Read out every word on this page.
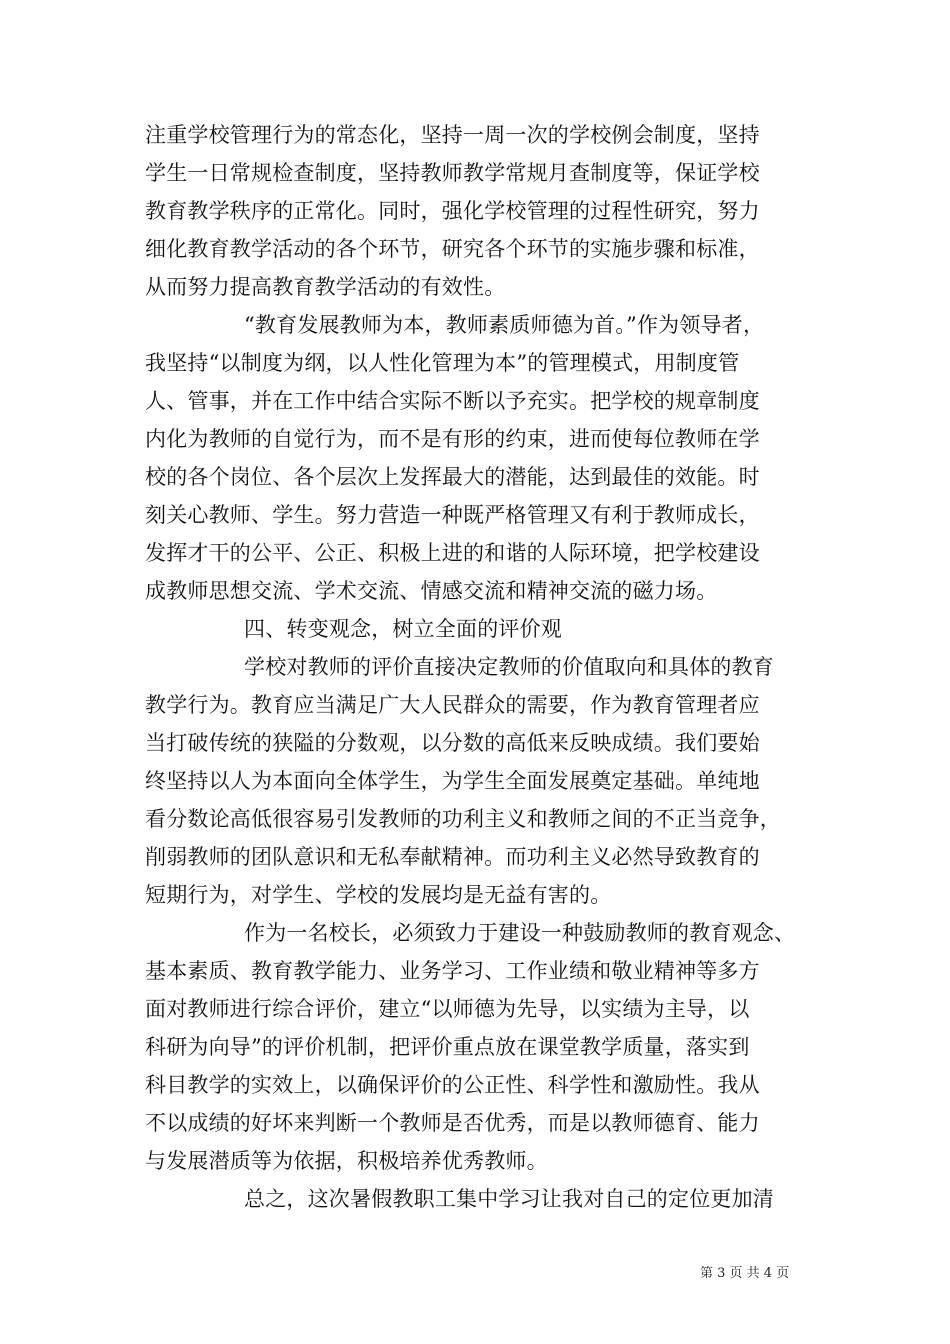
注重学校管理行为的常态化，坚持一周一次的学校例会制度，坚持
学生一日常规检查制度，坚持教师教学常规月查制度等，保证学校
教育教学秩序的正常化。同时，强化学校管理的过程性研究，努力
细化教育教学活动的各个环节，研究各个环节的实施步骤和标准，
从而努力提高教育教学活动的有效性。
“教育发展教师为本，教师素质师德为首。”作为领导者，
我坚持“以制度为纲，以人性化管理为本”的管理模式，用制度管
人、管事，并在工作中结合实际不断以予充实。把学校的规章制度
内化为教师的自觉行为，而不是有形的约束，进而使每位教师在学
校的各个岗位、各个层次上发挥最大的潜能，达到最佳的效能。时
刻关心教师、学生。努力营造一种既严格管理又有利于教师成长，
发挥才干的公平、公正、积极上进的和谐的人际环境，把学校建设
成教师思想交流、学术交流、情感交流和精神交流的磁力场。
四、转变观念，树立全面的评价观
学校对教师的评价直接决定教师的价值取向和具体的教育
教学行为。教育应当满足广大人民群众的需要，作为教育管理者应
当打破传统的狭隘的分数观，以分数的高低来反映成绩。我们要始
终坚持以人为本面向全体学生，为学生全面发展奠定基础。单纯地
看分数论高低很容易引发教师的功利主义和教师之间的不正当竞争，
削弱教师的团队意识和无私奉献精神。而功利主义必然导致教育的
短期行为，对学生、学校的发展均是无益有害的。
作为一名校长，必须致力于建设一种鼓励教师的教育观念、
基本素质、教育教学能力、业务学习、工作业绩和敬业精神等多方
面对教师进行综合评价，建立“以师德为先导，以实绩为主导，以
科研为向导”的评价机制，把评价重点放在课堂教学质量，落实到
科目教学的实效上，以确保评价的公正性、科学性和激励性。我从
不以成绩的好坏来判断一个教师是否优秀，而是以教师德育、能力
与发展潜质等为依据，积极培养优秀教师。
总之，这次暑假教职工集中学习让我对自己的定位更加清
第 3 页 共 4 页
